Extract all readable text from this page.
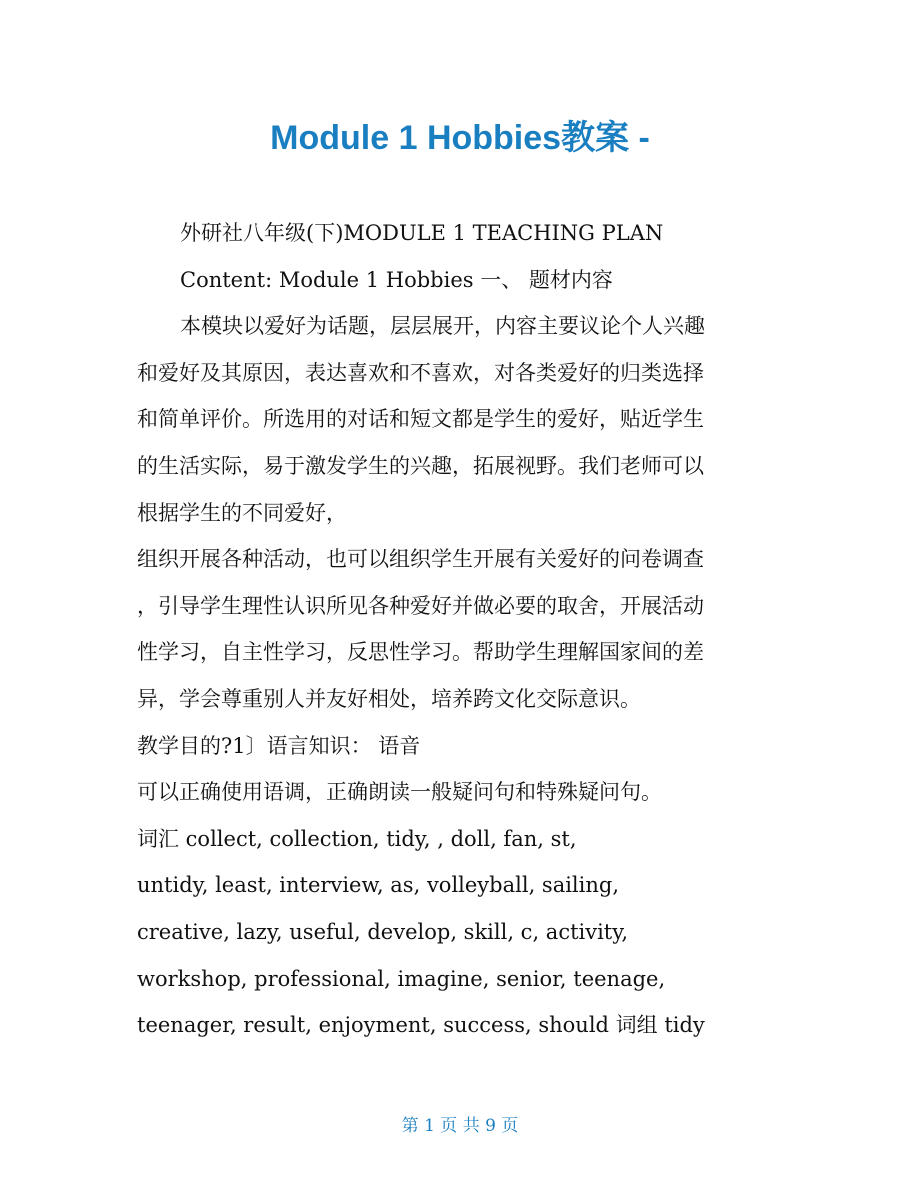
Module 1 Hobbies教案 -
外研社八年级(下)MODULE 1 TEACHING PLAN
Content: Module 1 Hobbies 一、 题材内容
本模块以爱好为话题，层层展开，内容主要议论个人兴趣
和爱好及其原因，表达喜欢和不喜欢，对各类爱好的归类选择
和简单评价。所选用的对话和短文都是学生的爱好，贴近学生
的生活实际，易于激发学生的兴趣，拓展视野。我们老师可以
根据学生的不同爱好，
组织开展各种活动，也可以组织学生开展有关爱好的问卷调查
，引导学生理性认识所见各种爱好并做必要的取舍，开展活动
性学习，自主性学习，反思性学习。帮助学生理解国家间的差
异，学会尊重别人并友好相处，培养跨文化交际意识。
教学目的?1〕语言知识： 语音
可以正确使用语调，正确朗读一般疑问句和特殊疑问句。
词汇 collect, collection, tidy, , doll, fan, st,
untidy, least, interview, as, volleyball, sailing,
creative, lazy, useful, develop, skill, c, activity,
workshop, professional, imagine, senior, teenage,
teenager, result, enjoyment, success, should 词组 tidy
第 1 页 共 9 页
